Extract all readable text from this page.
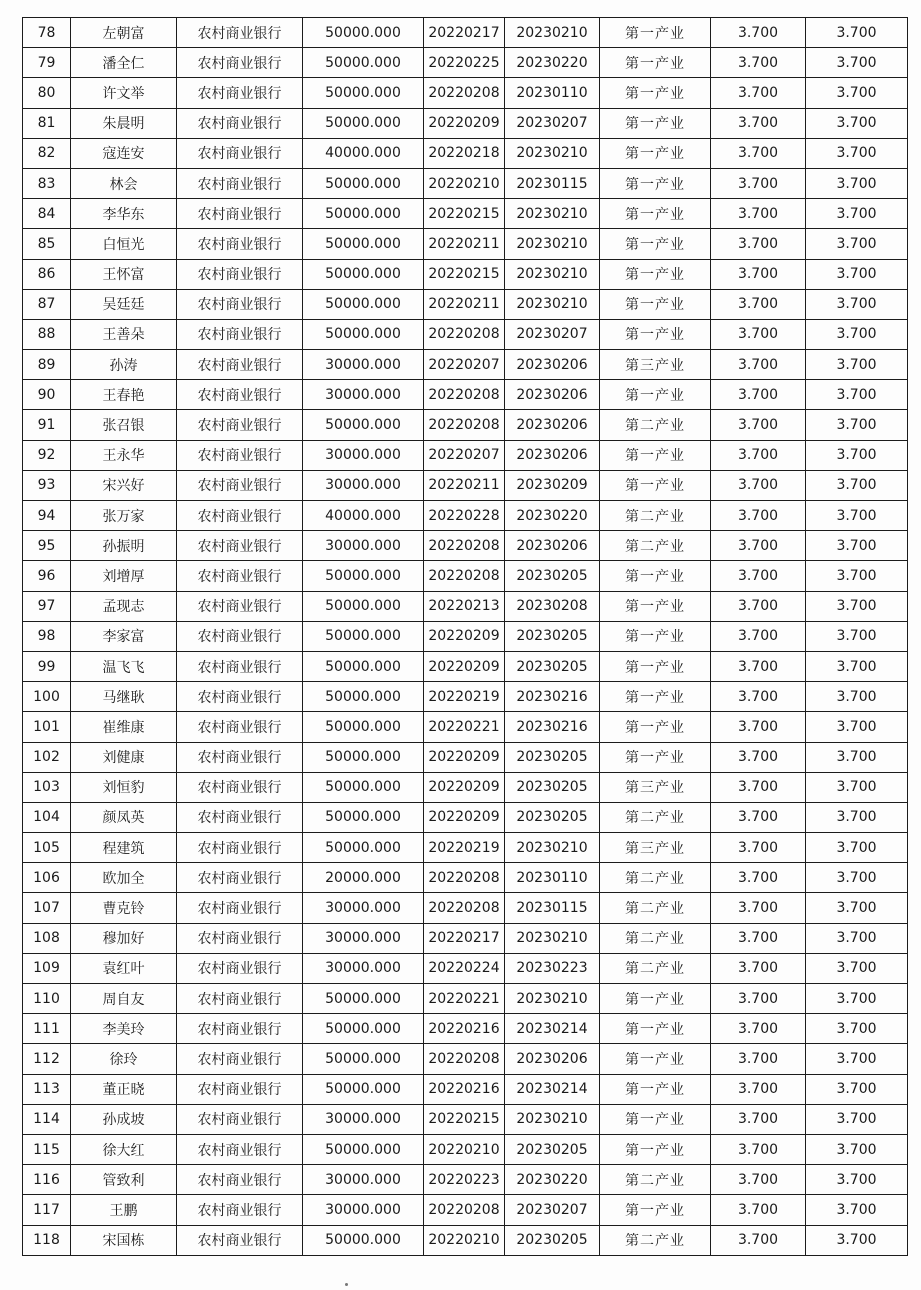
78	左朝富	农村商业银行	50000.000	20220217	20230210	第一产业	3.700	3.700
79	潘全仁	农村商业银行	50000.000	20220225	20230220	第一产业	3.700	3.700
80	许文举	农村商业银行	50000.000	20220208	20230110	第一产业	3.700	3.700
81	朱晨明	农村商业银行	50000.000	20220209	20230207	第一产业	3.700	3.700
82	寇连安	农村商业银行	40000.000	20220218	20230210	第一产业	3.700	3.700
83	林会	农村商业银行	50000.000	20220210	20230115	第一产业	3.700	3.700
84	李华东	农村商业银行	50000.000	20220215	20230210	第一产业	3.700	3.700
85	白恒光	农村商业银行	50000.000	20220211	20230210	第一产业	3.700	3.700
86	王怀富	农村商业银行	50000.000	20220215	20230210	第一产业	3.700	3.700
87	吴廷廷	农村商业银行	50000.000	20220211	20230210	第一产业	3.700	3.700
88	王善朵	农村商业银行	50000.000	20220208	20230207	第一产业	3.700	3.700
89	孙涛	农村商业银行	30000.000	20220207	20230206	第三产业	3.700	3.700
90	王春艳	农村商业银行	30000.000	20220208	20230206	第一产业	3.700	3.700
91	张召银	农村商业银行	50000.000	20220208	20230206	第二产业	3.700	3.700
92	王永华	农村商业银行	30000.000	20220207	20230206	第一产业	3.700	3.700
93	宋兴好	农村商业银行	30000.000	20220211	20230209	第一产业	3.700	3.700
94	张万家	农村商业银行	40000.000	20220228	20230220	第二产业	3.700	3.700
95	孙振明	农村商业银行	30000.000	20220208	20230206	第二产业	3.700	3.700
96	刘增厚	农村商业银行	50000.000	20220208	20230205	第一产业	3.700	3.700
97	孟现志	农村商业银行	50000.000	20220213	20230208	第一产业	3.700	3.700
98	李家富	农村商业银行	50000.000	20220209	20230205	第一产业	3.700	3.700
99	温飞飞	农村商业银行	50000.000	20220209	20230205	第一产业	3.700	3.700
100	马继耿	农村商业银行	50000.000	20220219	20230216	第一产业	3.700	3.700
101	崔维康	农村商业银行	50000.000	20220221	20230216	第一产业	3.700	3.700
102	刘健康	农村商业银行	50000.000	20220209	20230205	第一产业	3.700	3.700
103	刘恒豹	农村商业银行	50000.000	20220209	20230205	第三产业	3.700	3.700
104	颜凤英	农村商业银行	50000.000	20220209	20230205	第二产业	3.700	3.700
105	程建筑	农村商业银行	50000.000	20220219	20230210	第三产业	3.700	3.700
106	欧加全	农村商业银行	20000.000	20220208	20230110	第二产业	3.700	3.700
107	曹克铃	农村商业银行	30000.000	20220208	20230115	第二产业	3.700	3.700
108	穆加好	农村商业银行	30000.000	20220217	20230210	第二产业	3.700	3.700
109	袁红叶	农村商业银行	30000.000	20220224	20230223	第二产业	3.700	3.700
110	周自友	农村商业银行	50000.000	20220221	20230210	第一产业	3.700	3.700
111	李美玲	农村商业银行	50000.000	20220216	20230214	第一产业	3.700	3.700
112	徐玲	农村商业银行	50000.000	20220208	20230206	第一产业	3.700	3.700
113	董正晓	农村商业银行	50000.000	20220216	20230214	第一产业	3.700	3.700
114	孙成坡	农村商业银行	30000.000	20220215	20230210	第一产业	3.700	3.700
115	徐大红	农村商业银行	50000.000	20220210	20230205	第一产业	3.700	3.700
116	管致利	农村商业银行	30000.000	20220223	20230220	第二产业	3.700	3.700
117	王鹏	农村商业银行	30000.000	20220208	20230207	第一产业	3.700	3.700
118	宋国栋	农村商业银行	50000.000	20220210	20230205	第二产业	3.700	3.700
